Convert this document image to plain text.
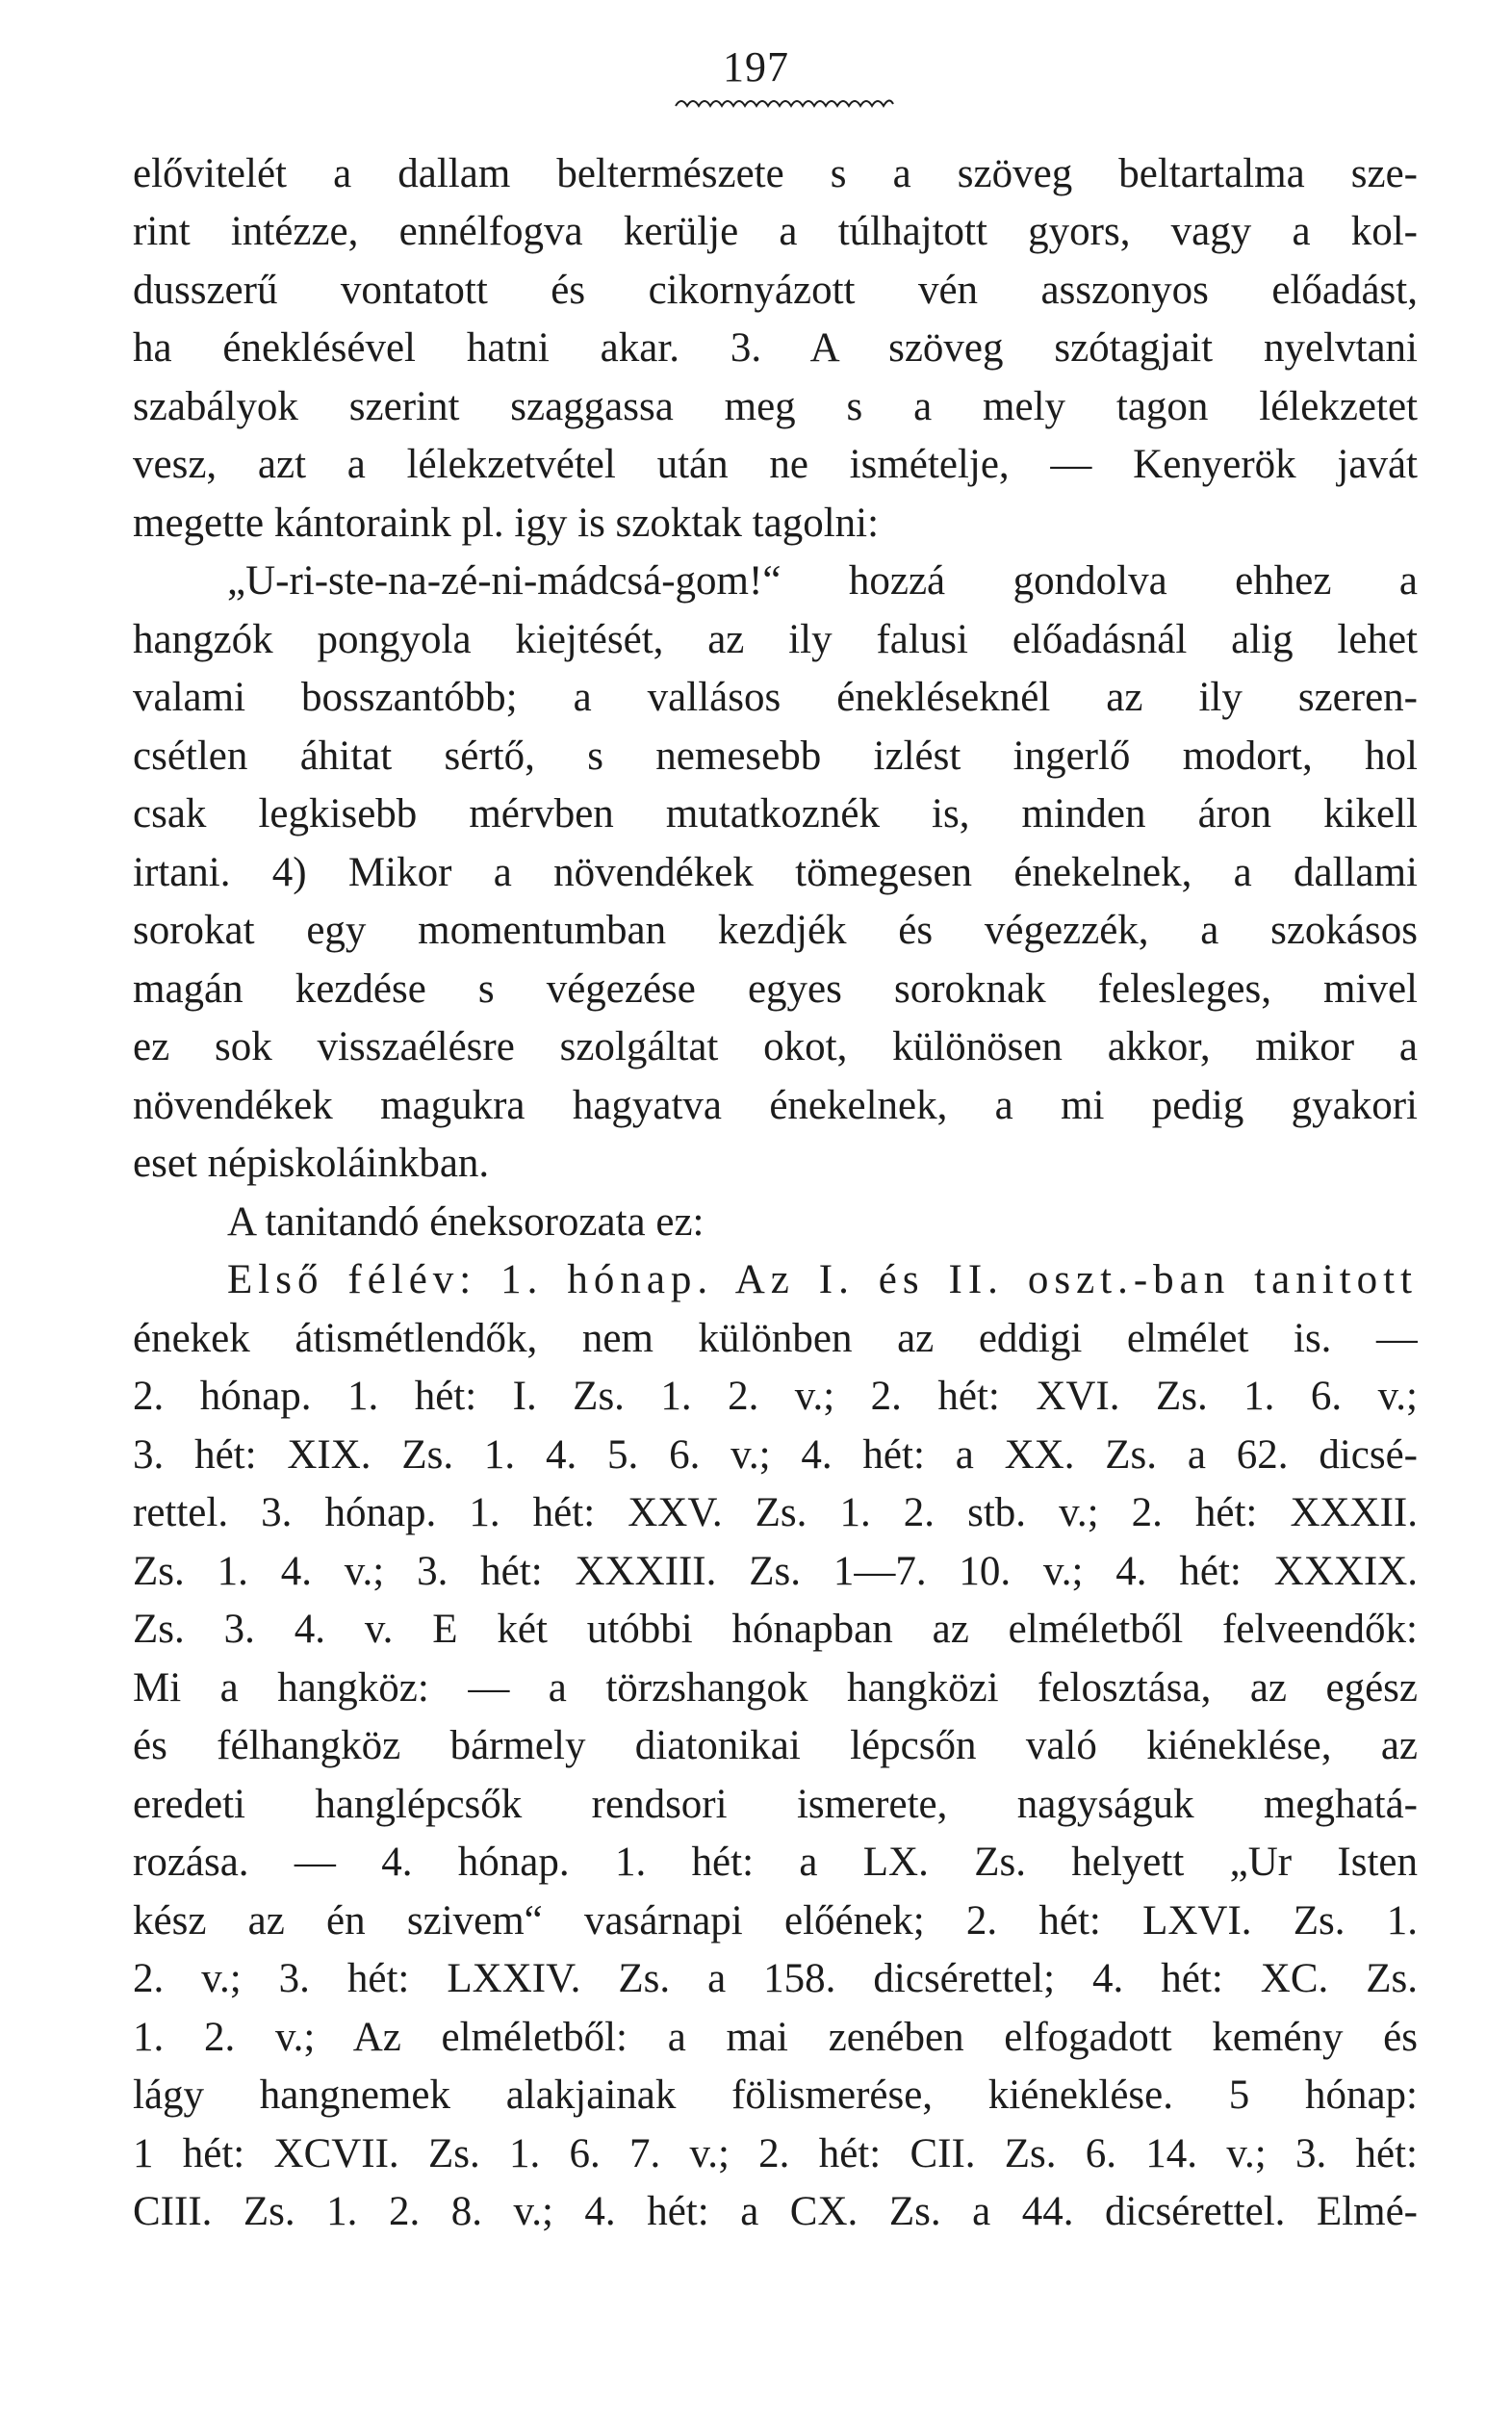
197
elővitelét a dallam beltermészete s a szöveg beltartalma sze-
rint intézze, ennélfogva kerülje a túlhajtott gyors, vagy a kol-
dusszerű vontatott és cikornyázott vén asszonyos előadást,
ha éneklésével hatni akar. 3. A szöveg szótagjait nyelvtani
szabályok szerint szaggassa meg s a mely tagon lélekzetet
vesz, azt a lélekzetvétel után ne ismételje, — Kenyerök javát
megette kántoraink pl. igy is szoktak tagolni:
„U-ri-ste-na-zé-ni-mádcsá-gom!“ hozzá gondolva ehhez a
hangzók pongyola kiejtését, az ily falusi előadásnál alig lehet
valami bosszantóbb; a vallásos énekléseknél az ily szeren-
csétlen áhitat sértő, s nemesebb izlést ingerlő modort, hol
csak legkisebb mérvben mutatkoznék is, minden áron kikell
irtani. 4) Mikor a növendékek tömegesen énekelnek, a dallami
sorokat egy momentumban kezdjék és végezzék, a szokásos
magán kezdése s végezése egyes soroknak felesleges, mivel
ez sok visszaélésre szolgáltat okot, különösen akkor, mikor a
növendékek magukra hagyatva énekelnek, a mi pedig gyakori
eset népiskoláinkban.
A tanitandó éneksorozata ez:
Első félév: 1. hónap. Az I. és II. oszt.-ban tanitott
énekek átismétlendők, nem különben az eddigi elmélet is. —
2. hónap. 1. hét: I. Zs. 1. 2. v.; 2. hét: XVI. Zs. 1. 6. v.;
3. hét: XIX. Zs. 1. 4. 5. 6. v.; 4. hét: a XX. Zs. a 62. dicsé-
rettel. 3. hónap. 1. hét: XXV. Zs. 1. 2. stb. v.; 2. hét: XXXII.
Zs. 1. 4. v.; 3. hét: XXXIII. Zs. 1—7. 10. v.; 4. hét: XXXIX.
Zs. 3. 4. v. E két utóbbi hónapban az elméletből felveendők:
Mi a hangköz: — a törzshangok hangközi felosztása, az egész
és félhangköz bármely diatonikai lépcsőn való kiéneklése, az
eredeti hanglépcsők rendsori ismerete, nagyságuk meghatá-
rozása. — 4. hónap. 1. hét: a LX. Zs. helyett „Ur Isten
kész az én szivem“ vasárnapi előének; 2. hét: LXVI. Zs. 1.
2. v.; 3. hét: LXXIV. Zs. a 158. dicsérettel; 4. hét: XC. Zs.
1. 2. v.; Az elméletből: a mai zenében elfogadott kemény és
lágy hangnemek alakjainak fölismerése, kiéneklése. 5 hónap:
1 hét: XCVII. Zs. 1. 6. 7. v.; 2. hét: CII. Zs. 6. 14. v.; 3. hét:
CIII. Zs. 1. 2. 8. v.; 4. hét: a CX. Zs. a 44. dicsérettel. Elmé-
